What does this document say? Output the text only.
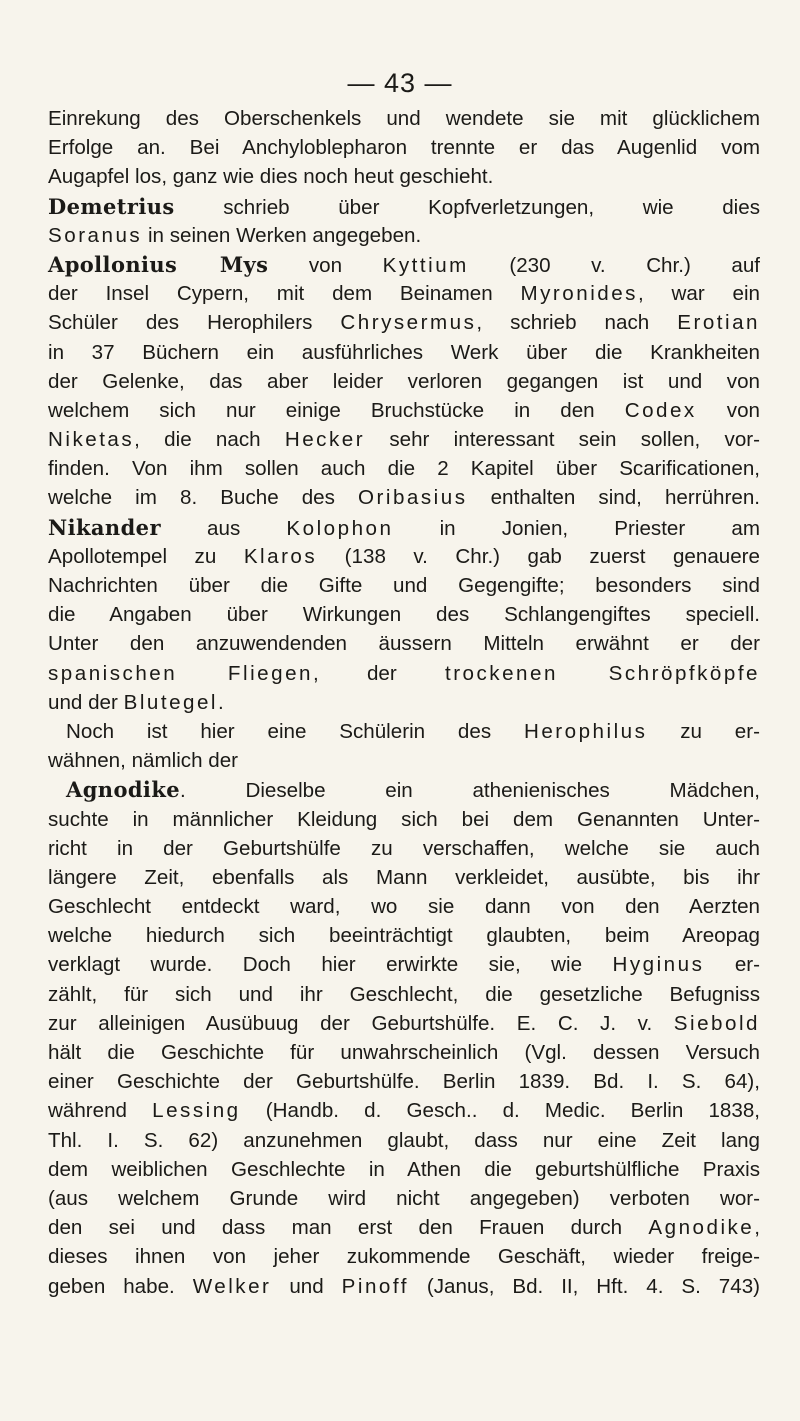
— 43 —
Einrekung des Oberschenkels und wendete sie mit glücklichem
Erfolge an. Bei Anchyloblepharon trennte er das Augenlid vom
Augapfel los, ganz wie dies noch heut geschieht.
Demetrius schrieb über Kopfverletzungen, wie dies
Soranus in seinen Werken angegeben.
Apollonius Mys von Kyttium (230 v. Chr.) auf
der Insel Cypern, mit dem Beinamen Myronides, war ein
Schüler des Herophilers Chrysermus, schrieb nach Erotian
in 37 Büchern ein ausführliches Werk über die Krankheiten
der Gelenke, das aber leider verloren gegangen ist und von
welchem sich nur einige Bruchstücke in den Codex von
Niketas, die nach Hecker sehr interessant sein sollen, vor-
finden. Von ihm sollen auch die 2 Kapitel über Scarificationen,
welche im 8. Buche des Oribasius enthalten sind, herrühren.
Nikander aus Kolophon in Jonien, Priester am
Apollotempel zu Klaros (138 v. Chr.) gab zuerst genauere
Nachrichten über die Gifte und Gegengifte; besonders sind
die Angaben über Wirkungen des Schlangengiftes speciell.
Unter den anzuwendenden äussern Mitteln erwähnt er der
spanischen Fliegen, der trockenen Schröpfköpfe
und der Blutegel.
Noch ist hier eine Schülerin des Herophilus zu er-
wähnen, nämlich der
Agnodike. Dieselbe ein athenienisches Mädchen,
suchte in männlicher Kleidung sich bei dem Genannten Unter-
richt in der Geburtshülfe zu verschaffen, welche sie auch
längere Zeit, ebenfalls als Mann verkleidet, ausübte, bis ihr
Geschlecht entdeckt ward, wo sie dann von den Aerzten
welche hiedurch sich beeinträchtigt glaubten, beim Areopag
verklagt wurde. Doch hier erwirkte sie, wie Hyginus er-
zählt, für sich und ihr Geschlecht, die gesetzliche Befugniss
zur alleinigen Ausübuug der Geburtshülfe. E. C. J. v. Siebold
hält die Geschichte für unwahrscheinlich (Vgl. dessen Versuch
einer Geschichte der Geburtshülfe. Berlin 1839. Bd. I. S. 64),
während Lessing (Handb. d. Gesch.. d. Medic. Berlin 1838,
Thl. I. S. 62) anzunehmen glaubt, dass nur eine Zeit lang
dem weiblichen Geschlechte in Athen die geburtshülfliche Praxis
(aus welchem Grunde wird nicht angegeben) verboten wor-
den sei und dass man erst den Frauen durch Agnodike,
dieses ihnen von jeher zukommende Geschäft, wieder freige-
geben habe. Welker und Pinoff (Janus, Bd. II, Hft. 4. S. 743)
